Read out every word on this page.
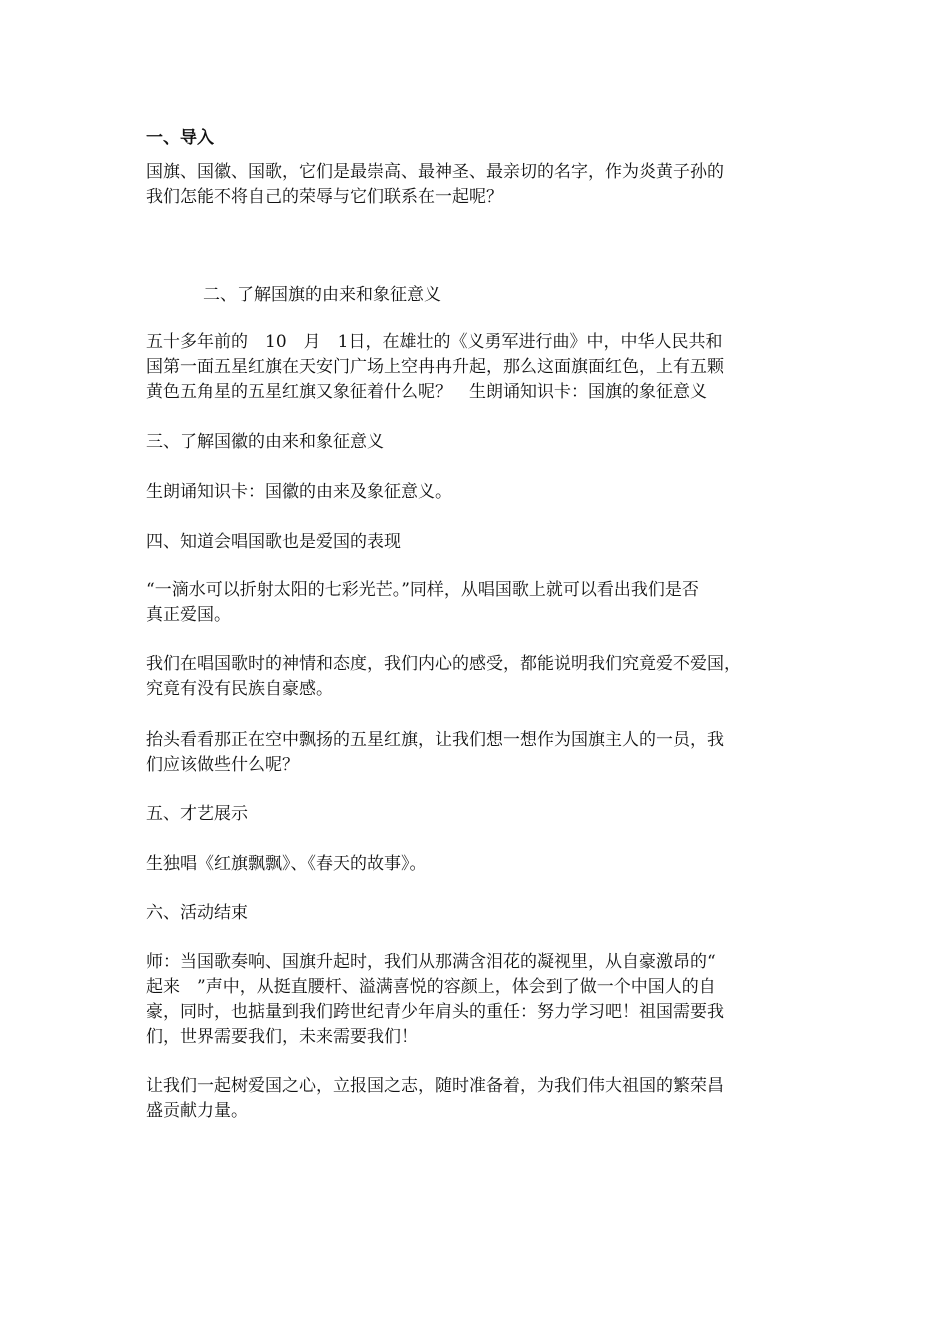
一、导入
国旗、国徽、国歌，它们是最崇高、最神圣、最亲切的名字，作为炎黄子孙的
我们怎能不将自己的荣辱与它们联系在一起呢？
二、了解国旗的由来和象征意义
五十多年前的　10　月　1日，在雄壮的《义勇军进行曲》中，中华人民共和
国第一面五星红旗在天安门广场上空冉冉升起，那么这面旗面红色，上有五颗
黄色五角星的五星红旗又象征着什么呢？　生朗诵知识卡：国旗的象征意义
三、了解国徽的由来和象征意义
生朗诵知识卡：国徽的由来及象征意义。
四、知道会唱国歌也是爱国的表现
“一滴水可以折射太阳的七彩光芒。”同样，从唱国歌上就可以看出我们是否
真正爱国。
我们在唱国歌时的神情和态度，我们内心的感受，都能说明我们究竟爱不爱国，
究竟有没有民族自豪感。
抬头看看那正在空中飘扬的五星红旗，让我们想一想作为国旗主人的一员，我
们应该做些什么呢？
五、才艺展示
生独唱《红旗飘飘》、《春天的故事》。
六、活动结束
师：当国歌奏响、国旗升起时，我们从那满含泪花的凝视里，从自豪激昂的“
起来　”声中，从挺直腰杆、溢满喜悦的容颜上，体会到了做一个中国人的自
豪，同时，也掂量到我们跨世纪青少年肩头的重任：努力学习吧！祖国需要我
们，世界需要我们，未来需要我们！
让我们一起树爱国之心，立报国之志，随时准备着，为我们伟大祖国的繁荣昌
盛贡献力量。
